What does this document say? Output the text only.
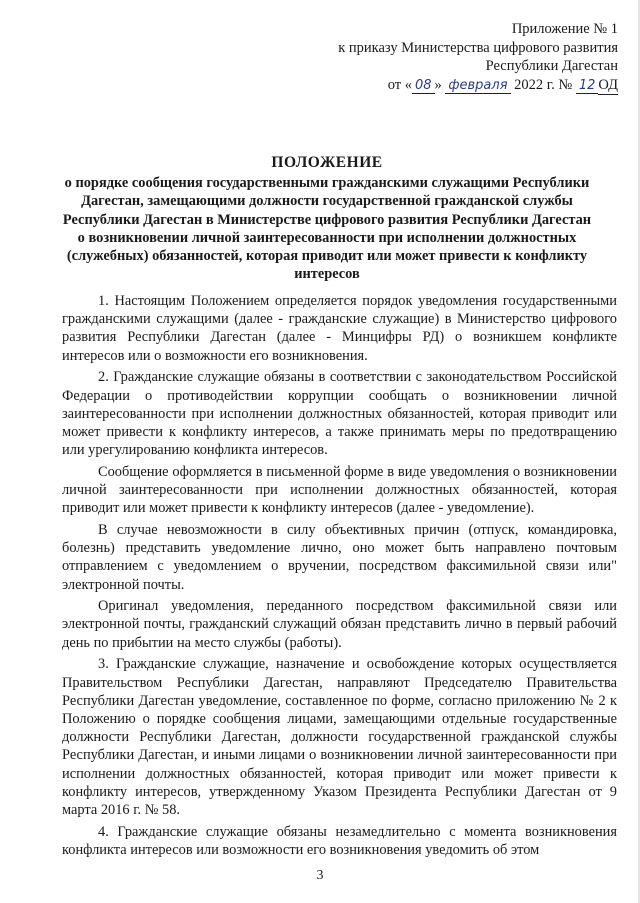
Приложение № 1
к приказу Министерства цифрового развития
Республики Дагестан
от « 08 » февраля 2022 г. № 12 ОД
ПОЛОЖЕНИЕ
о порядке сообщения государственными гражданскими служащими Республики Дагестан, замещающими должности государственной гражданской службы Республики Дагестан в Министерстве цифрового развития Республики Дагестан о возникновении личной заинтересованности при исполнении должностных (служебных) обязанностей, которая приводит или может привести к конфликту интересов

1. Настоящим Положением определяется порядок уведомления государственными гражданскими служащими (далее - гражданские служащие) в Министерство цифрового развития Республики Дагестан (далее - Минцифры РД) о возникшем конфликте интересов или о возможности его возникновения.

2. Гражданские служащие обязаны в соответствии с законодательством Российской Федерации о противодействии коррупции сообщать о возникновении личной заинтересованности при исполнении должностных обязанностей, которая приводит или может привести к конфликту интересов, а также принимать меры по предотвращению или урегулированию конфликта интересов.

Сообщение оформляется в письменной форме в виде уведомления о возникновении личной заинтересованности при исполнении должностных обязанностей, которая приводит или может привести к конфликту интересов (далее - уведомление).

В случае невозможности в силу объективных причин (отпуск, командировка, болезнь) представить уведомление лично, оно может быть направлено почтовым отправлением с уведомлением о вручении, посредством факсимильной связи или" электронной почты.

Оригинал уведомления, переданного посредством факсимильной связи или электронной почты, гражданский служащий обязан представить лично в первый рабочий день по прибытии на место службы (работы).

3. Гражданские служащие, назначение и освобождение которых осуществляется Правительством Республики Дагестан, направляют Председателю Правительства Республики Дагестан уведомление, составленное по форме, согласно приложению № 2 к Положению о порядке сообщения лицами, замещающими отдельные государственные должности Республики Дагестан, должности государственной гражданской службы Республики Дагестан, и иными лицами о возникновении личной заинтересованности при исполнении должностных обязанностей, которая приводит или может привести к конфликту интересов, утвержденному Указом Президента Республики Дагестан от 9 марта 2016 г. № 58.

4. Гражданские служащие обязаны незамедлительно с момента возникновения конфликта интересов или возможности его возникновения уведомить об этом

3
